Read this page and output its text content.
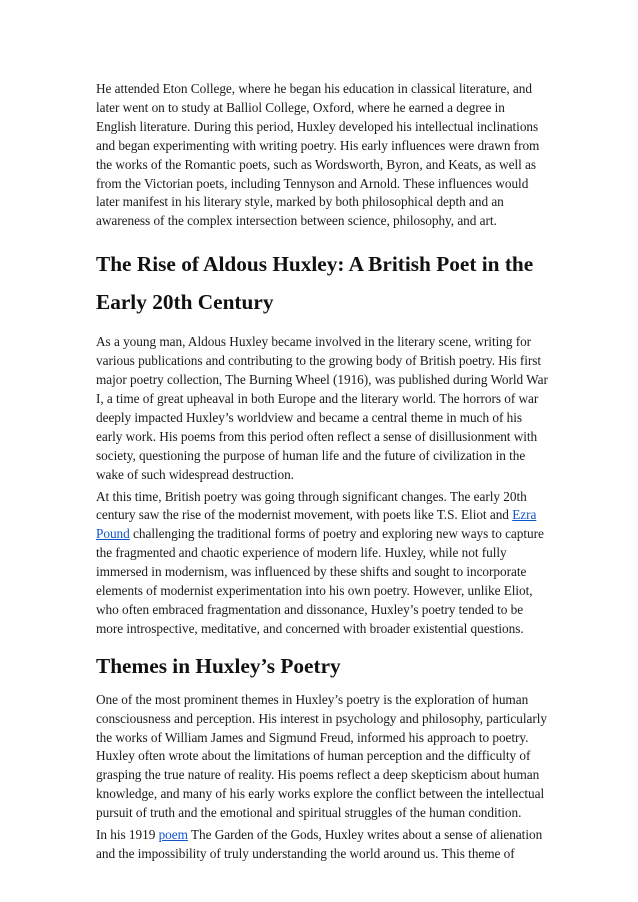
He attended Eton College, where he began his education in classical literature, and later went on to study at Balliol College, Oxford, where he earned a degree in English literature. During this period, Huxley developed his intellectual inclinations and began experimenting with writing poetry. His early influences were drawn from the works of the Romantic poets, such as Wordsworth, Byron, and Keats, as well as from the Victorian poets, including Tennyson and Arnold. These influences would later manifest in his literary style, marked by both philosophical depth and an awareness of the complex intersection between science, philosophy, and art.

The Rise of Aldous Huxley: A British Poet in the Early 20th Century

As a young man, Aldous Huxley became involved in the literary scene, writing for various publications and contributing to the growing body of British poetry. His first major poetry collection, The Burning Wheel (1916), was published during World War I, a time of great upheaval in both Europe and the literary world. The horrors of war deeply impacted Huxley’s worldview and became a central theme in much of his early work. His poems from this period often reflect a sense of disillusionment with society, questioning the purpose of human life and the future of civilization in the wake of such widespread destruction.

At this time, British poetry was going through significant changes. The early 20th century saw the rise of the modernist movement, with poets like T.S. Eliot and Ezra Pound challenging the traditional forms of poetry and exploring new ways to capture the fragmented and chaotic experience of modern life. Huxley, while not fully immersed in modernism, was influenced by these shifts and sought to incorporate elements of modernist experimentation into his own poetry. However, unlike Eliot, who often embraced fragmentation and dissonance, Huxley’s poetry tended to be more introspective, meditative, and concerned with broader existential questions.

Themes in Huxley’s Poetry

One of the most prominent themes in Huxley’s poetry is the exploration of human consciousness and perception. His interest in psychology and philosophy, particularly the works of William James and Sigmund Freud, informed his approach to poetry. Huxley often wrote about the limitations of human perception and the difficulty of grasping the true nature of reality. His poems reflect a deep skepticism about human knowledge, and many of his early works explore the conflict between the intellectual pursuit of truth and the emotional and spiritual struggles of the human condition.

In his 1919 poem The Garden of the Gods, Huxley writes about a sense of alienation and the impossibility of truly understanding the world around us. This theme of
